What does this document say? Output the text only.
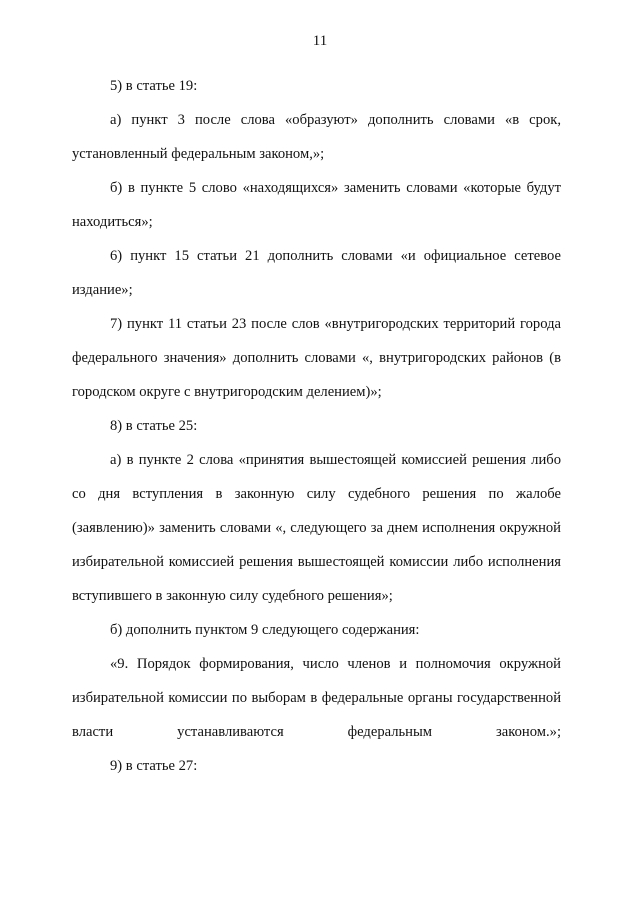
11

5) в статье 19:

а) пункт 3 после слова «образуют» дополнить словами «в срок, установленный федеральным законом,»;

б) в пункте 5 слово «находящихся» заменить словами «которые будут находиться»;

6) пункт 15 статьи 21 дополнить словами «и официальное сетевое издание»;

7) пункт 11 статьи 23 после слов «внутригородских территорий города федерального значения» дополнить словами «, внутригородских районов (в городском округе с внутригородским делением)»;

8) в статье 25:

а) в пункте 2 слова «принятия вышестоящей комиссией решения либо со дня вступления в законную силу судебного решения по жалобе (заявлению)» заменить словами «, следующего за днем исполнения окружной избирательной комиссией решения вышестоящей комиссии либо исполнения вступившего в законную силу судебного решения»;

б) дополнить пунктом 9 следующего содержания:

«9. Порядок формирования, число членов и полномочия окружной избирательной комиссии по выборам в федеральные органы государственной власти устанавливаются федеральным законом.»;

9) в статье 27:
